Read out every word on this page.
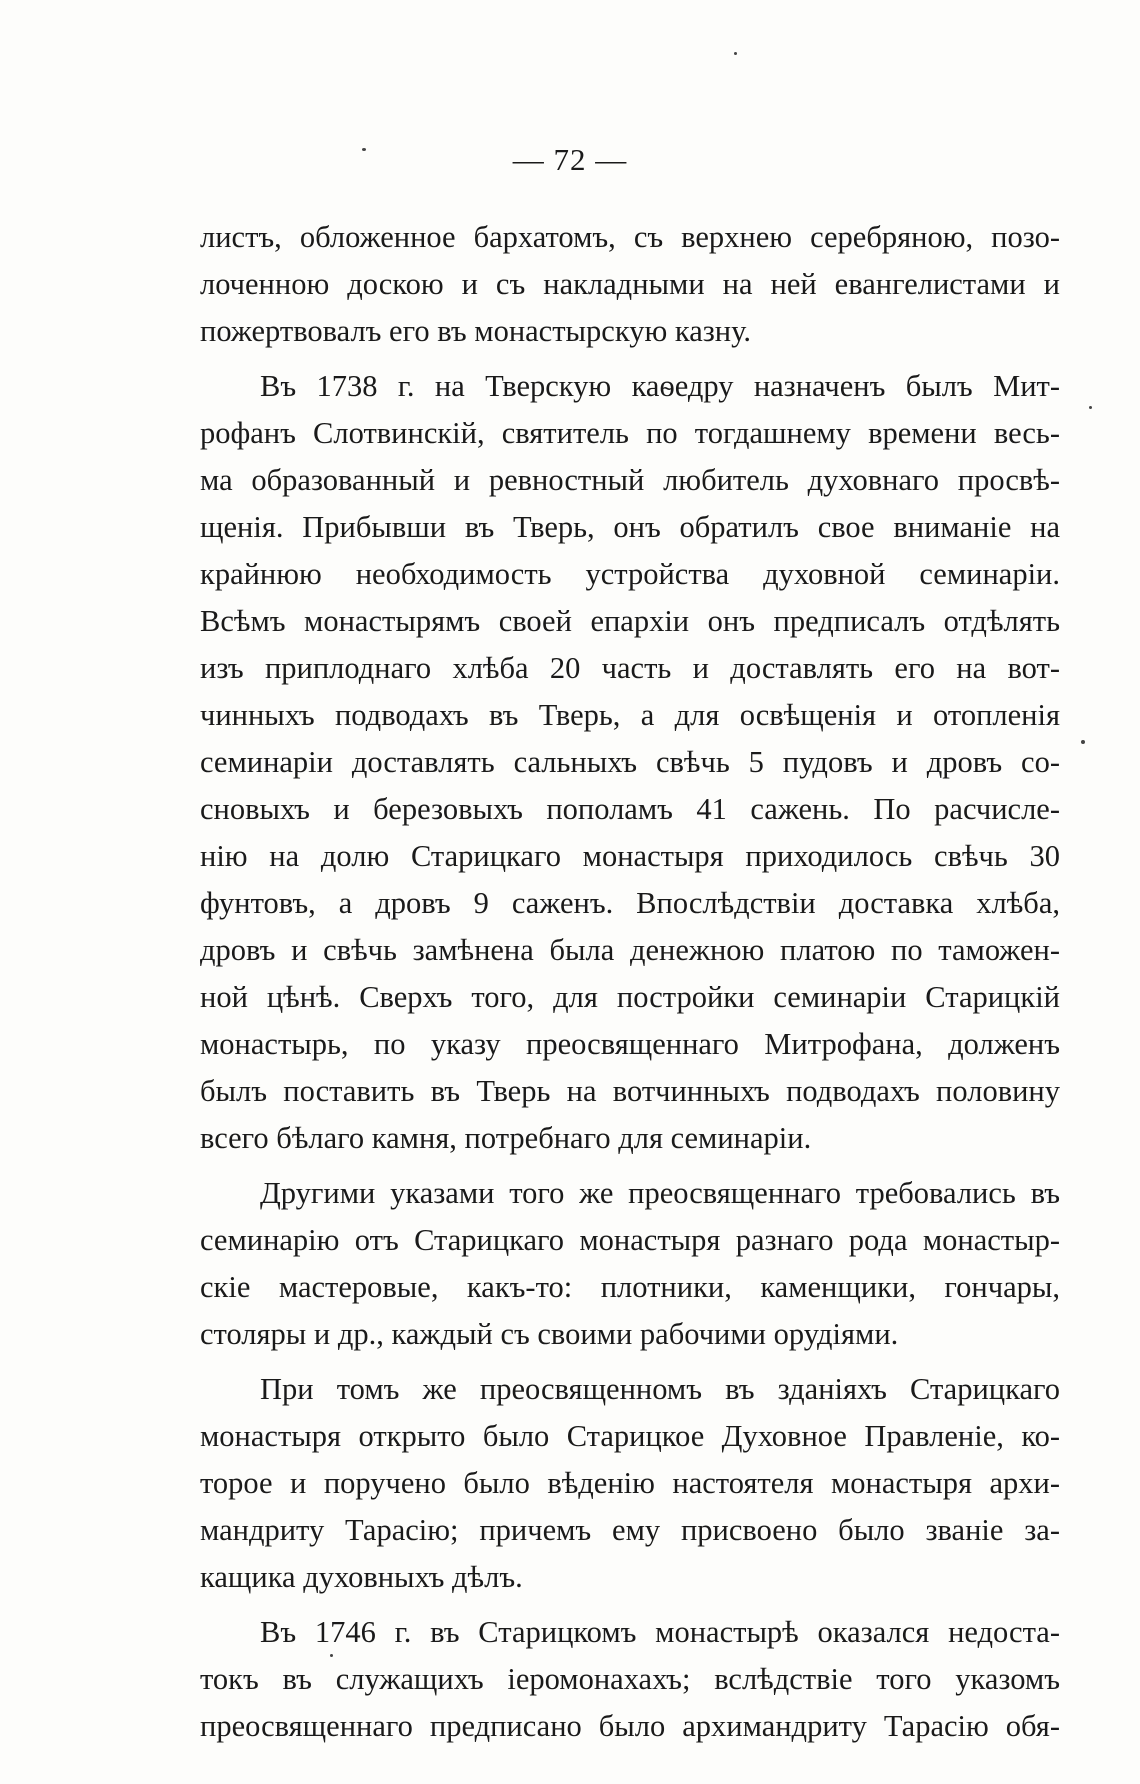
— 72 —
листъ, обложенное бархатомъ, съ верхнею серебряною, позо-
лоченною доскою и съ накладными на ней евангелистами и
пожертвовалъ его въ монастырскую казну.
Въ 1738 г. на Тверскую каѳедру назначенъ былъ Мит-
рофанъ Слотвинскій, святитель по тогдашнему времени весь-
ма образованный и ревностный любитель духовнаго просвѣ-
щенія. Прибывши въ Тверь, онъ обратилъ свое вниманіе на
крайнюю необходимость устройства духовной семинаріи.
Всѣмъ монастырямъ своей епархіи онъ предписалъ отдѣлять
изъ приплоднаго хлѣба 20 часть и доставлять его на вот-
чинныхъ подводахъ въ Тверь, а для освѣщенія и отопленія
семинаріи доставлять сальныхъ свѣчь 5 пудовъ и дровъ со-
сновыхъ и березовыхъ пополамъ 41 сажень. По расчисле-
нію на долю Старицкаго монастыря приходилось свѣчь 30
фунтовъ, а дровъ 9 саженъ. Впослѣдствіи доставка хлѣба,
дровъ и свѣчь замѣнена была денежною платою по таможен-
ной цѣнѣ. Сверхъ того, для постройки семинаріи Старицкій
монастырь, по указу преосвященнаго Митрофана, долженъ
былъ поставить въ Тверь на вотчинныхъ подводахъ половину
всего бѣлаго камня, потребнаго для семинаріи.
Другими указами того же преосвященнаго требовались въ
семинарію отъ Старицкаго монастыря разнаго рода монастыр-
скіе мастеровые, какъ-то: плотники, каменщики, гончары,
столяры и др., каждый съ своими рабочими орудіями.
При томъ же преосвященномъ въ зданіяхъ Старицкаго
монастыря открыто было Старицкое Духовное Правленіе, ко-
торое и поручено было вѣденію настоятеля монастыря архи-
мандриту Тарасію; причемъ ему присвоено было званіе за-
кащика духовныхъ дѣлъ.
Въ 1746 г. въ Старицкомъ монастырѣ оказался недоста-
токъ въ служащихъ іеромонахахъ; вслѣдствіе того указомъ
преосвященнаго предписано было архимандриту Тарасію обя-
